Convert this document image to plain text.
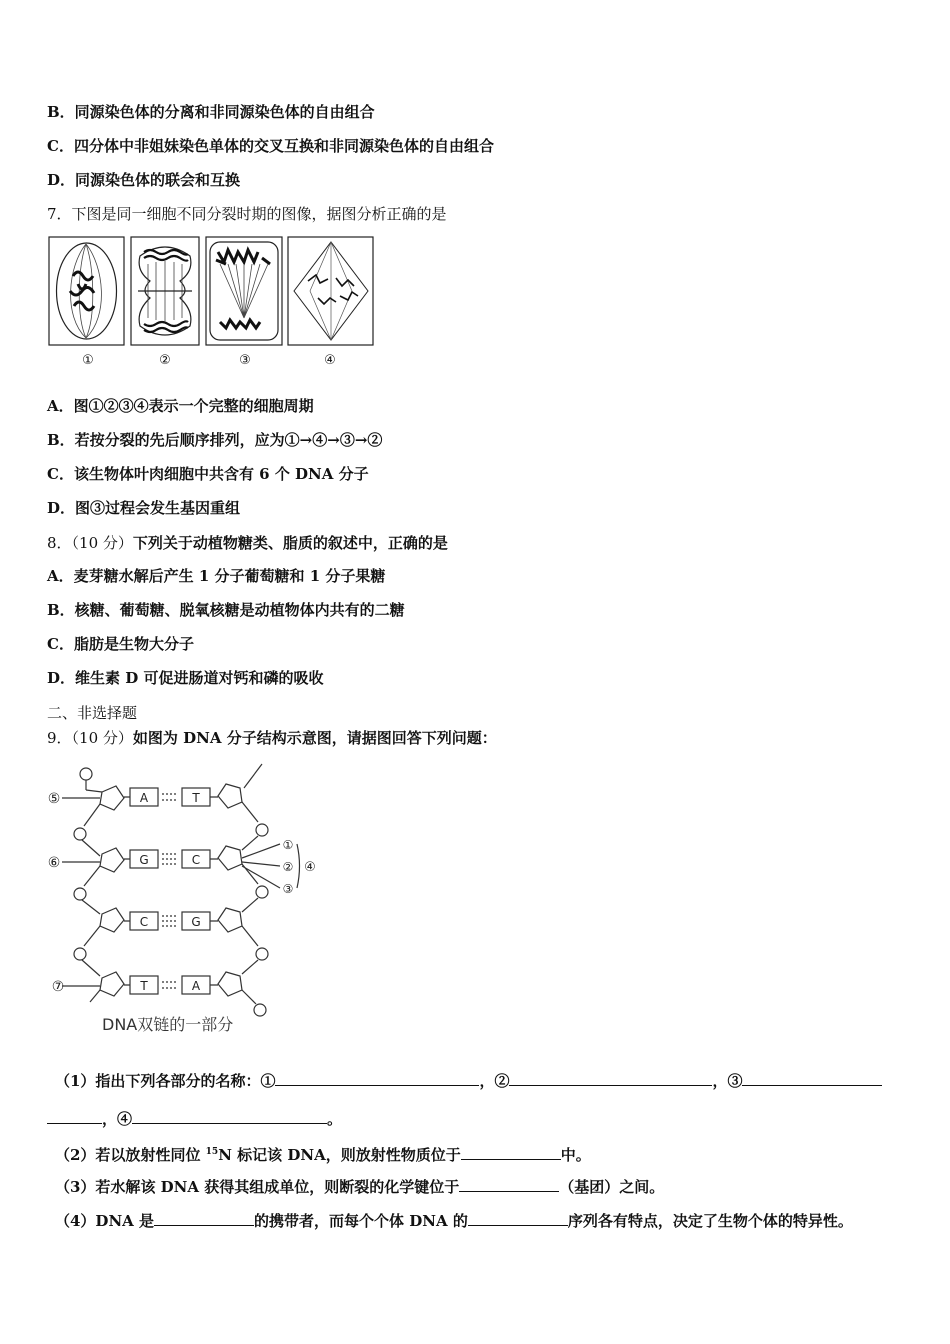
B．同源染色体的分离和非同源染色体的自由组合
C．四分体中非姐妹染色单体的交叉互换和非同源染色体的自由组合
D．同源染色体的联会和互换
7．下图是同一细胞不同分裂时期的图像，据图分析正确的是
①	②	③	④
A．图①②③④表示一个完整的细胞周期
B．若按分裂的先后顺序排列，应为①→④→③→②
C．该生物体叶肉细胞中共含有 6 个 DNA 分子
D．图③过程会发生基因重组
8．（10 分）下列关于动植物糖类、脂质的叙述中，正确的是
A．麦芽糖水解后产生 1 分子葡萄糖和 1 分子果糖
B．核糖、葡萄糖、脱氧核糖是动植物体内共有的二糖
C．脂肪是生物大分子
D．维生素 D 可促进肠道对钙和磷的吸收
二、非选择题
9．（10 分）如图为 DNA 分子结构示意图，请据图回答下列问题：
⑤
⑥
⑦
①
②
③
④
A	T
G	C
C	G
T	A
DNA双链的一部分
（1）指出下列各部分的名称：①	，②	，③
，④	。
（2）若以放射性同位 $^{15}$N 标记该 DNA，则放射性物质位于	中。
（3）若水解该 DNA 获得其组成单位，则断裂的化学键位于	（基团）之间。
（4）DNA 是	的携带者，而每个个体 DNA 的	序列各有特点，决定了生物个体的特异性。
